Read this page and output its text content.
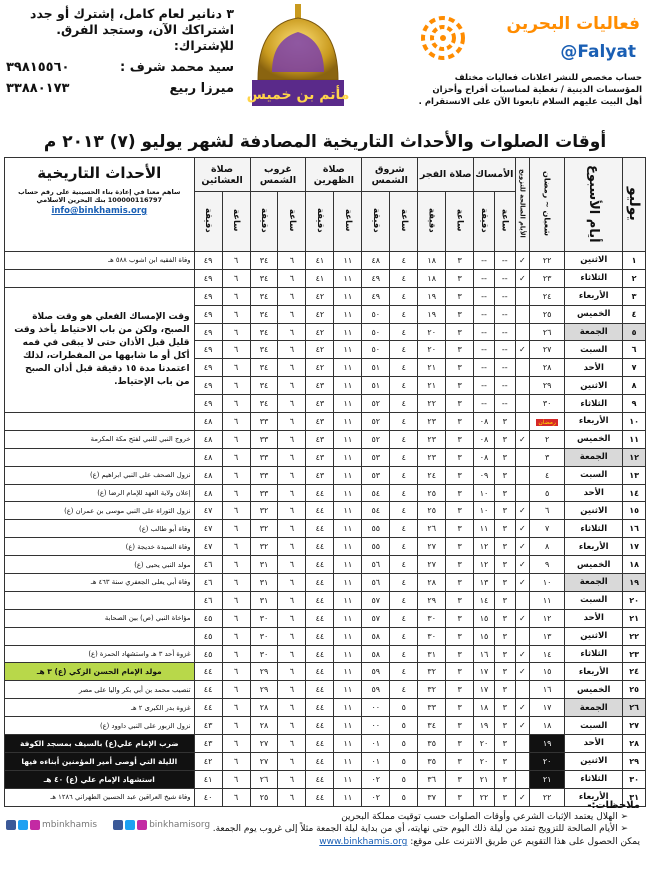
فعاليات البحرين
@Falyat
حساب مخصص للنشر اعلانات فعاليات مختلف
المؤسسات الدينية / تغطية لمناسبات أفراح وأحزان
أهل البيت عليهم السلام تابعونا الآن على الانستقرام .
مأتم بن خميس
٣ دنانير لعام كامل، إشترك أو جدد
اشتراكك الآن، وستجد الفرق.
للإشتراك:
سيد محمد شرف :
٣٩٨١٥٥٦٠
ميرزا ربيع
٣٣٨٨٠١٧٣
أوقات الصلوات والأحداث التاريخية المصادفة لشهر يوليو (٧) ٢٠١٣ م
يوليو	أيام الأسبوع	شعبان ~ رمضان	الأيام الصالحة للتزويج	الأمساك		صلاة الفجر		شروق الشمس		صلاة الظهرين		غروب الشمس		صلاة العشائين		الأحداث التاريخية
ساهم معنا في إعادة بناء الحسينية على رقم حساب 100000116797 بنك البحرين الاسلامي
info@binkhamis.org

				ساعة	دقيقة	ساعة	دقيقة	ساعة	دقيقة	ساعة	دقيقة	ساعة	دقيقة	ساعة	دقيقة	
١	الاثنين	٢٢	✓	--	--	٣	١٨	٤	٤٨	١١	٤١	٦	٣٤	٦	٤٩	وفاة الفقيه ابن اشوب ٥٨٨ هـ
٢	الثلاثاء	٢٣	✓	--	--	٣	١٨	٤	٤٩	١١	٤١	٦	٣٤	٦	٤٩	
٣	الأربعاء	٢٤		--	--	٣	١٩	٤	٤٩	١١	٤٢	٦	٣٤	٦	٤٩	وقت الإمساك الفعلي هو وقت صلاة الصبح، ولكن من باب الاحتياط يأخذ وقت قليل قبل الأذان حتى لا يبقى في فمه أكل أو ما شابهها من المفطرات، لذلك اعتمدنا مدة ١٥ دقيقة قبل أذان الصبح من باب الإحتياط.
٤	الخميس	٢٥		--	--	٣	١٩	٤	٥٠	١١	٤٢	٦	٣٤	٦	٤٩	
٥	الجمعة	٢٦		--	--	٣	٢٠	٤	٥٠	١١	٤٢	٦	٣٤	٦	٤٩	
٦	السبت	٢٧	✓	--	--	٣	٢٠	٤	٥٠	١١	٤٢	٦	٣٤	٦	٤٩	
٧	الأحد	٢٨		--	--	٣	٢١	٤	٥١	١١	٤٢	٦	٣٤	٦	٤٩	
٨	الاثنين	٢٩		--	--	٣	٢١	٤	٥١	١١	٤٣	٦	٣٤	٦	٤٩	
٩	الثلاثاء	٣٠		--	--	٣	٢٢	٤	٥٢	١١	٤٣	٦	٣٤	٦	٤٩	
١٠	الأربعاء	رمضان		٣	٠٨	٣	٢٣	٤	٥٢	١١	٤٣	٦	٣٣	٦	٤٨	
١١	الخميس	٢	✓	٣	٠٨	٣	٢٣	٤	٥٢	١١	٤٣	٦	٣٣	٦	٤٨	خروج النبي للنبي لفتح مكة المكرمة
١٢	الجمعة	٣		٣	٠٨	٣	٢٣	٤	٥٣	١١	٤٣	٦	٣٣	٦	٤٨	
١٣	السبت	٤		٣	٠٩	٣	٢٤	٤	٥٣	١١	٤٣	٦	٣٣	٦	٤٨	نزول الصحف على النبي ابراهيم (ع)
١٤	الأحد	٥		٣	١٠	٣	٢٥	٤	٥٤	١١	٤٤	٦	٣٣	٦	٤٨	إعلان ولاية العهد للإمام الرضا (ع)
١٥	الاثنين	٦	✓	٣	١٠	٣	٢٥	٤	٥٤	١١	٤٤	٦	٣٢	٦	٤٧	نزول التوراة على النبي موسى بن عمران (ع)
١٦	الثلاثاء	٧	✓	٣	١١	٣	٢٦	٤	٥٥	١١	٤٤	٦	٣٢	٦	٤٧	وفاة أبو طالب (ع)
١٧	الأربعاء	٨	✓	٣	١٢	٣	٢٧	٤	٥٥	١١	٤٤	٦	٣٢	٦	٤٧	وفاة السيدة خديجة (ع)
١٨	الخميس	٩	✓	٣	١٢	٣	٢٧	٤	٥٦	١١	٤٤	٦	٣١	٦	٤٦	مولد النبي يحيى (ع)
١٩	الجمعة	١٠	✓	٣	١٣	٣	٢٨	٤	٥٦	١١	٤٤	٦	٣١	٦	٤٦	وفاة أبي يعلى الجعفري سنة ٤٦٣ هـ
٢٠	السبت	١١		٣	١٤	٣	٢٩	٤	٥٧	١١	٤٤	٦	٣١	٦	٤٦	
٢١	الأحد	١٢	✓	٣	١٥	٣	٣٠	٤	٥٧	١١	٤٤	٦	٣٠	٦	٤٥	مؤاخاة النبي (ص) بين الصحابة
٢٢	الاثنين	١٣		٣	١٥	٣	٣٠	٤	٥٨	١١	٤٤	٦	٣٠	٦	٤٥	
٢٣	الثلاثاء	١٤	✓	٣	١٦	٣	٣١	٤	٥٨	١١	٤٤	٦	٣٠	٦	٤٥	غزوة أحد ٣ هـ واستشهاد الحمزة (ع)
٢٤	الأربعاء	١٥	✓	٣	١٧	٣	٣٢	٤	٥٩	١١	٤٤	٦	٢٩	٦	٤٤	مولد الإمام الحسن الزكي (ع) ٣ هـ
٢٥	الخميس	١٦		٣	١٧	٣	٣٢	٤	٥٩	١١	٤٤	٦	٢٩	٦	٤٤	تنصيب محمد بن أبي بكر واليا على مصر
٢٦	الجمعة	١٧	✓	٣	١٨	٣	٣٣	٥	٠٠	١١	٤٤	٦	٢٨	٦	٤٤	غزوة بدر الكبرى ٢ هـ
٢٧	السبت	١٨	✓	٣	١٩	٣	٣٤	٥	٠٠	١١	٤٤	٦	٢٨	٦	٤٣	نزول الزبور على النبي داوود (ع)
٢٨	الأحد	١٩		٣	٢٠	٣	٣٥	٥	٠١	١١	٤٤	٦	٢٧	٦	٤٣	ضرب الإمام علي(ع) بالسيف بمسجد الكوفة
٢٩	الاثنين	٢٠		٣	٢٠	٣	٣٥	٥	٠١	١١	٤٤	٦	٢٧	٦	٤٢	الليلة التي أوصى أمير المؤمنين أبناءه فيها
٣٠	الثلاثاء	٢١		٣	٢١	٣	٣٦	٥	٠٢	١١	٤٤	٦	٢٦	٦	٤١	استشهاد الإمام علي (ع) ٤٠ هـ
٣١	الأربعاء	٢٢	✓	٣	٢٢	٣	٣٧	٥	٠٢	١١	٤٤	٦	٢٥	٦	٤٠	وفاة شيخ العراقين عبد الحسين الطهراني ١٢٨٦ هـ
ملاحظات:-
➢ الهلال يعتمد الإثبات الشرعي وأوقات الصلوات حسب توقيت مملكة البحرين
➢ الأيام الصالحة للتزويج تمتد من ليلة ذلك اليوم حتى نهايته، أي من بداية ليلة الجمعة مثلاً إلى غروب يوم الجمعة.
يمكن الحصول على هذا التقويم عن طريق الانترنت على موقع: www.binkhamis.org
mbinkhamis	binkhamisorg
